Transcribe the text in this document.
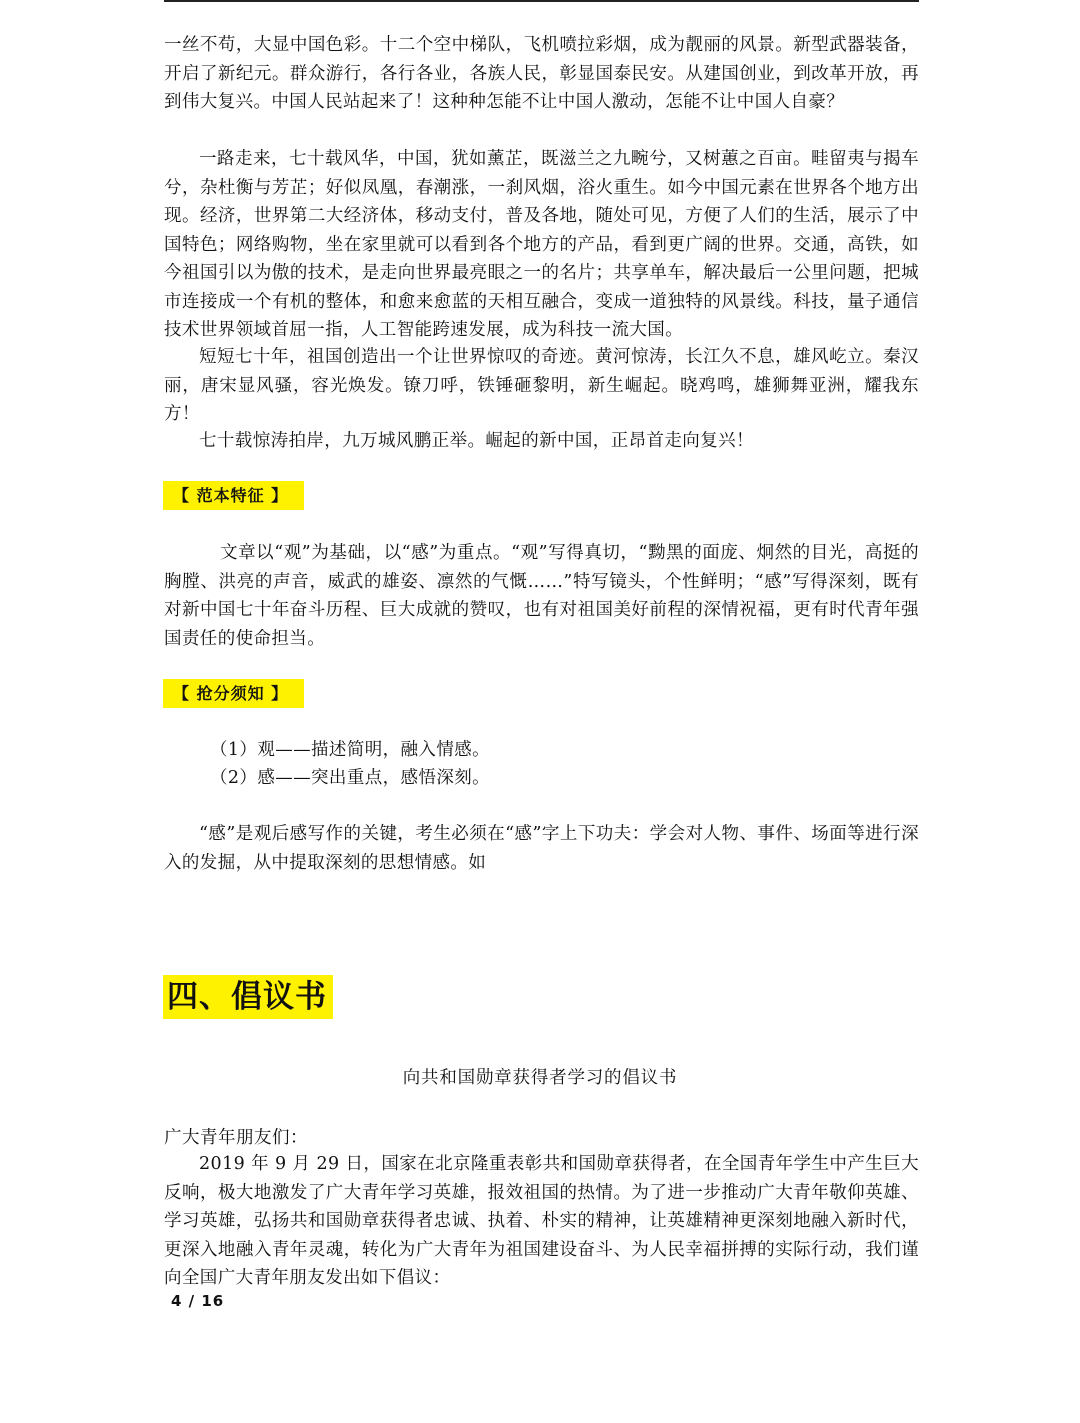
一丝不苟，大显中国色彩。十二个空中梯队，飞机喷拉彩烟，成为靓丽的风景。新型武器装备，开启了新纪元。群众游行，各行各业，各族人民，彰显国泰民安。从建国创业，到改革开放，再到伟大复兴。中国人民站起来了！这种种怎能不让中国人激动，怎能不让中国人自豪？

一路走来，七十载风华，中国，犹如薰芷，既滋兰之九畹兮，又树蕙之百亩。畦留夷与揭车兮，杂杜衡与芳芷；好似凤凰，春潮涨，一刹风烟，浴火重生。如今中国元素在世界各个地方出现。经济，世界第二大经济体，移动支付，普及各地，随处可见，方便了人们的生活，展示了中国特色；网络购物，坐在家里就可以看到各个地方的产品，看到更广阔的世界。交通，高铁，如今祖国引以为傲的技术，是走向世界最亮眼之一的名片；共享单车，解决最后一公里问题，把城市连接成一个有机的整体，和愈来愈蓝的天相互融合，变成一道独特的风景线。科技，量子通信技术世界领域首屈一指，人工智能跨速发展，成为科技一流大国。

短短七十年，祖国创造出一个让世界惊叹的奇迹。黄河惊涛，长江久不息，雄风屹立。秦汉丽，唐宋显风骚，容光焕发。镣刀呼，铁锤砸黎明，新生崛起。晓鸡鸣，雄狮舞亚洲，耀我东方！

七十载惊涛拍岸，九万城风鹏正举。崛起的新中国，正昂首走向复兴！

【 范本特征 】

文章以“观”为基础，以“感”为重点。“观”写得真切，“黝黑的面庞、炯然的目光，高挺的胸膛、洪亮的声音，威武的雄姿、凛然的气慨……”特写镜头，个性鲜明；“感”写得深刻，既有对新中国七十年奋斗历程、巨大成就的赞叹，也有对祖国美好前程的深情祝福，更有时代青年强国责任的使命担当。

【 抢分须知 】
（1）观——描述简明，融入情感。
（2）感——突出重点，感悟深刻。

“感”是观后感写作的关键，考生必须在“感”字上下功夫：学会对人物、事件、场面等进行深入的发掘，从中提取深刻的思想情感。如

四、倡议书
向共和国勋章获得者学习的倡议书
广大青年朋友们：

2019 年 9 月 29 日，国家在北京隆重表彰共和国勋章获得者，在全国青年学生中产生巨大反响，极大地激发了广大青年学习英雄，报效祖国的热情。为了进一步推动广大青年敬仰英雄、学习英雄，弘扬共和国勋章获得者忠诚、执着、朴实的精神，让英雄精神更深刻地融入新时代，更深入地融入青年灵魂，转化为广大青年为祖国建设奋斗、为人民幸福拼搏的实际行动，我们谨向全国广大青年朋友发出如下倡议：

4 / 16
